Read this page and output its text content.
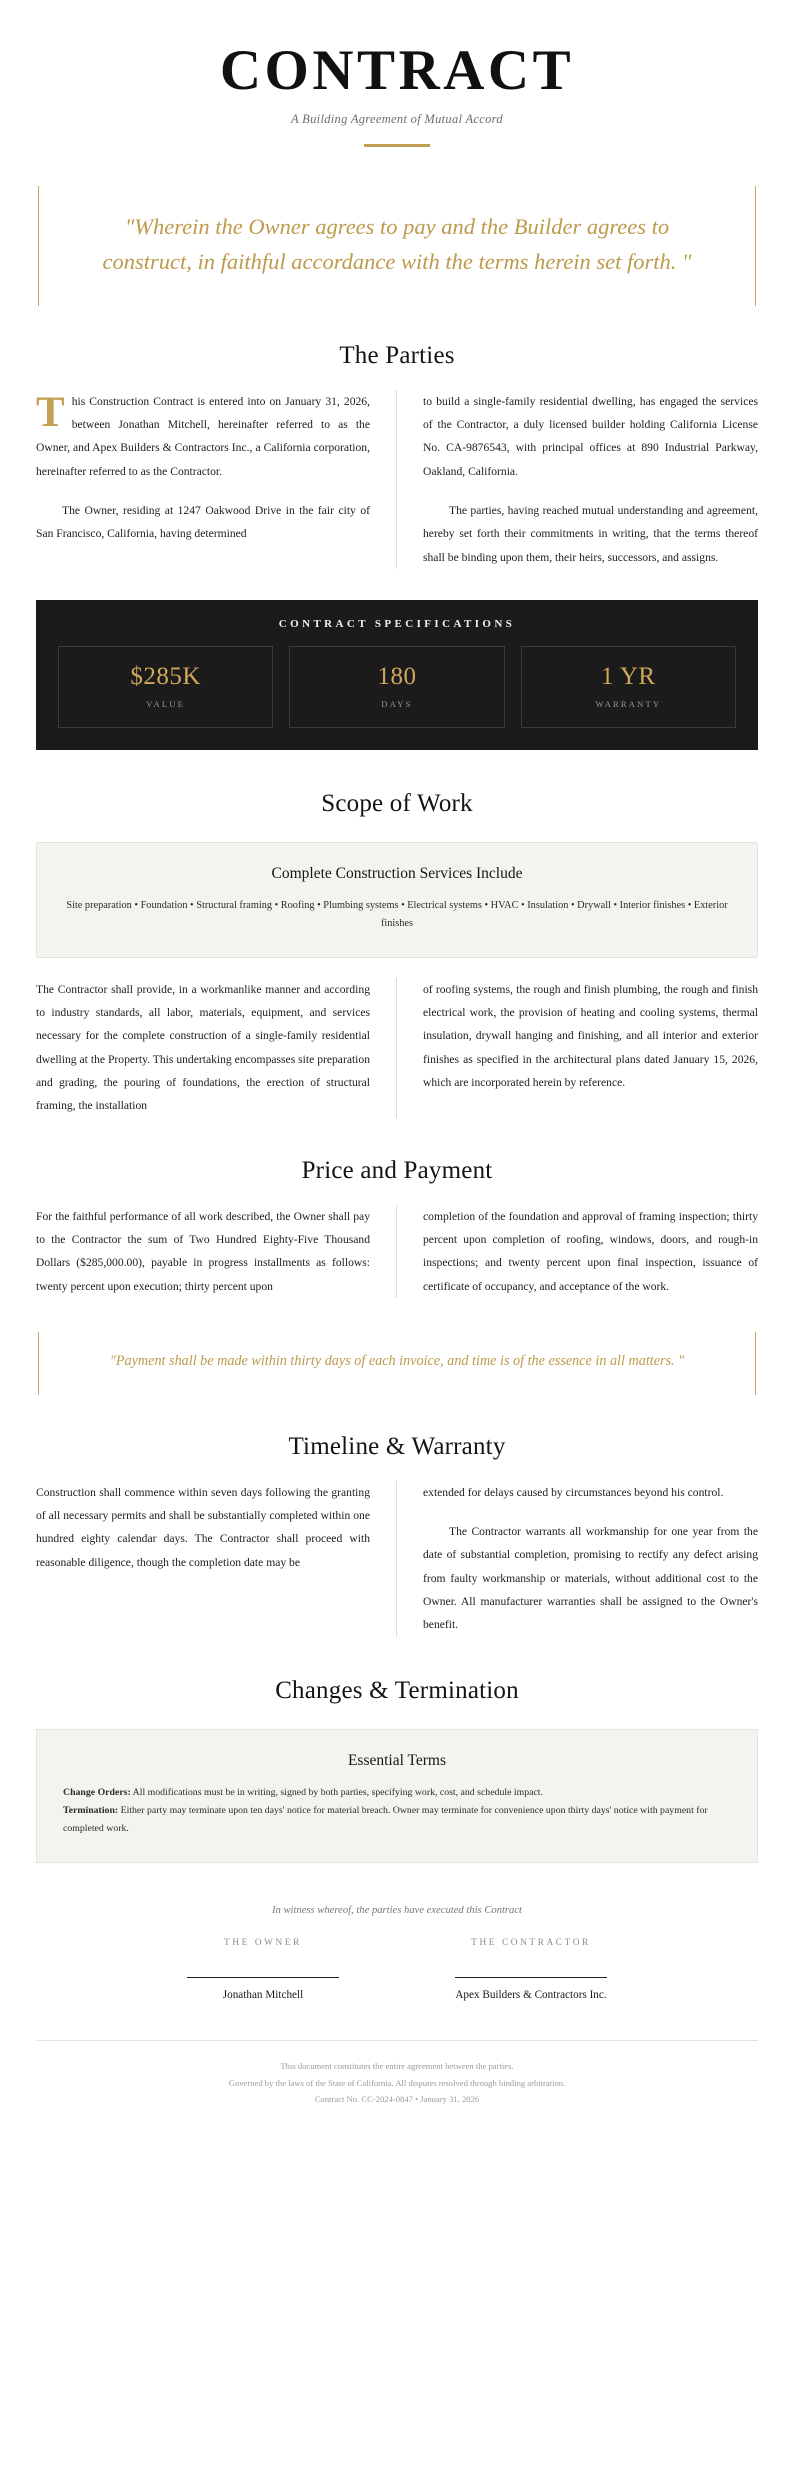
CONTRACT
A Building Agreement of Mutual Accord
"Wherein the Owner agrees to pay and the Builder agrees to construct, in faithful accordance with the terms herein set forth. "
The Parties

This Construction Contract is entered into on January 31, 2026, between Jonathan Mitchell, hereinafter referred to as the Owner, and Apex Builders & Contractors Inc., a California corporation, hereinafter referred to as the Contractor.

The Owner, residing at 1247 Oakwood Drive in the fair city of San Francisco, California, having determined

to build a single-family residential dwelling, has engaged the services of the Contractor, a duly licensed builder holding California License No. CA-9876543, with principal offices at 890 Industrial Parkway, Oakland, California.

The parties, having reached mutual understanding and agreement, hereby set forth their commitments in writing, that the terms thereof shall be binding upon them, their heirs, successors, and assigns.

CONTRACT SPECIFICATIONS
$285K
VALUE
180
DAYS
1 YR
WARRANTY
Scope of Work
Complete Construction Services Include
Site preparation • Foundation • Structural framing • Roofing • Plumbing systems • Electrical systems • HVAC • Insulation • Drywall • Interior finishes • Exterior finishes

The Contractor shall provide, in a workmanlike manner and according to industry standards, all labor, materials, equipment, and services necessary for the complete construction of a single-family residential dwelling at the Property. This undertaking encompasses site preparation and grading, the pouring of foundations, the erection of structural framing, the installation

of roofing systems, the rough and finish plumbing, the rough and finish electrical work, the provision of heating and cooling systems, thermal insulation, drywall hanging and finishing, and all interior and exterior finishes as specified in the architectural plans dated January 15, 2026, which are incorporated herein by reference.

Price and Payment

For the faithful performance of all work described, the Owner shall pay to the Contractor the sum of Two Hundred Eighty-Five Thousand Dollars ($285,000.00), payable in progress installments as follows: twenty percent upon execution; thirty percent upon

completion of the foundation and approval of framing inspection; thirty percent upon completion of roofing, windows, doors, and rough-in inspections; and twenty percent upon final inspection, issuance of certificate of occupancy, and acceptance of the work.

"Payment shall be made within thirty days of each invoice, and time is of the essence in all matters. "
Timeline & Warranty

Construction shall commence within seven days following the granting of all necessary permits and shall be substantially completed within one hundred eighty calendar days. The Contractor shall proceed with reasonable diligence, though the completion date may be

extended for delays caused by circumstances beyond his control.

The Contractor warrants all workmanship for one year from the date of substantial completion, promising to rectify any defect arising from faulty workmanship or materials, without additional cost to the Owner. All manufacturer warranties shall be assigned to the Owner's benefit.

Changes & Termination
Essential Terms
Change Orders: All modifications must be in writing, signed by both parties, specifying work, cost, and schedule impact.
Termination: Either party may terminate upon ten days' notice for material breach. Owner may terminate for convenience upon thirty days' notice with payment for completed work.
In witness whereof, the parties have executed this Contract
THE OWNER
Jonathan Mitchell
THE CONTRACTOR
Apex Builders & Contractors Inc.
This document constitutes the entire agreement between the parties.
Governed by the laws of the State of California. All disputes resolved through binding arbitration.
Contract No. CC-2024-0847 • January 31, 2026
